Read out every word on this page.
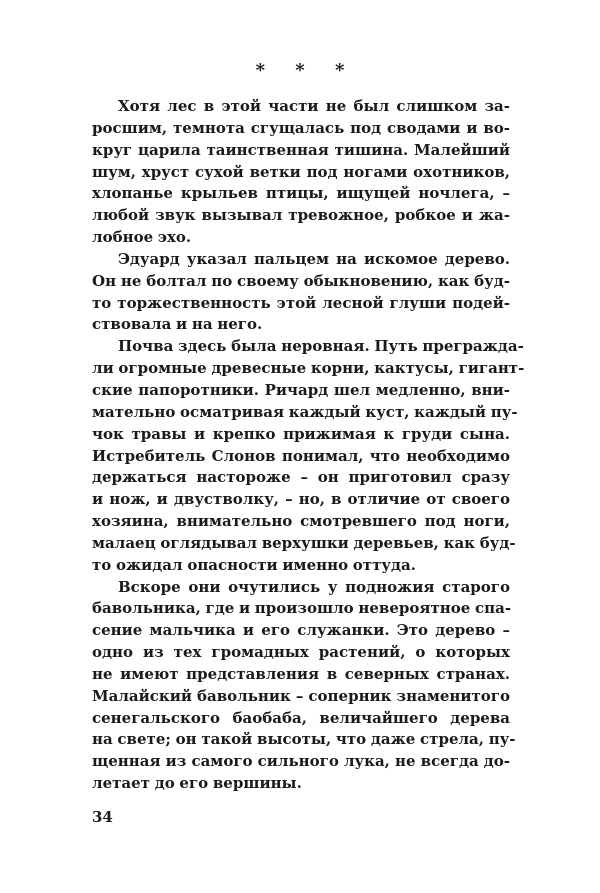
* * *
Хотя лес в этой части не был слишком за-
росшим, темнота сгущалась под сводами и во-
круг царила таинственная тишина. Малейший
шум, хруст сухой ветки под ногами охотников,
хлопанье крыльев птицы, ищущей ночлега, –
любой звук вызывал тревожное, робкое и жа-
лобное эхо.
Эдуард указал пальцем на искомое дерево.
Он не болтал по своему обыкновению, как буд-
то торжественность этой лесной глуши подей-
ствовала и на него.
Почва здесь была неровная. Путь прегражда-
ли огромные древесные корни, кактусы, гигант-
ские папоротники. Ричард шел медленно, вни-
мательно осматривая каждый куст, каждый пу-
чок травы и крепко прижимая к груди сына.
Истребитель Слонов понимал, что необходимо
держаться настороже – он приготовил сразу
и нож, и двустволку, – но, в отличие от своего
хозяина, внимательно смотревшего под ноги,
малаец оглядывал верхушки деревьев, как буд-
то ожидал опасности именно оттуда.
Вскоре они очутились у подножия старого
бавольника, где и произошло невероятное спа-
сение мальчика и его служанки. Это дерево –
одно из тех громадных растений, о которых
не имеют представления в северных странах.
Малайский бавольник – соперник знаменитого
сенегальского баобаба, величайшего дерева
на свете; он такой высоты, что даже стрела, пу-
щенная из самого сильного лука, не всегда до-
летает до его вершины.
34
